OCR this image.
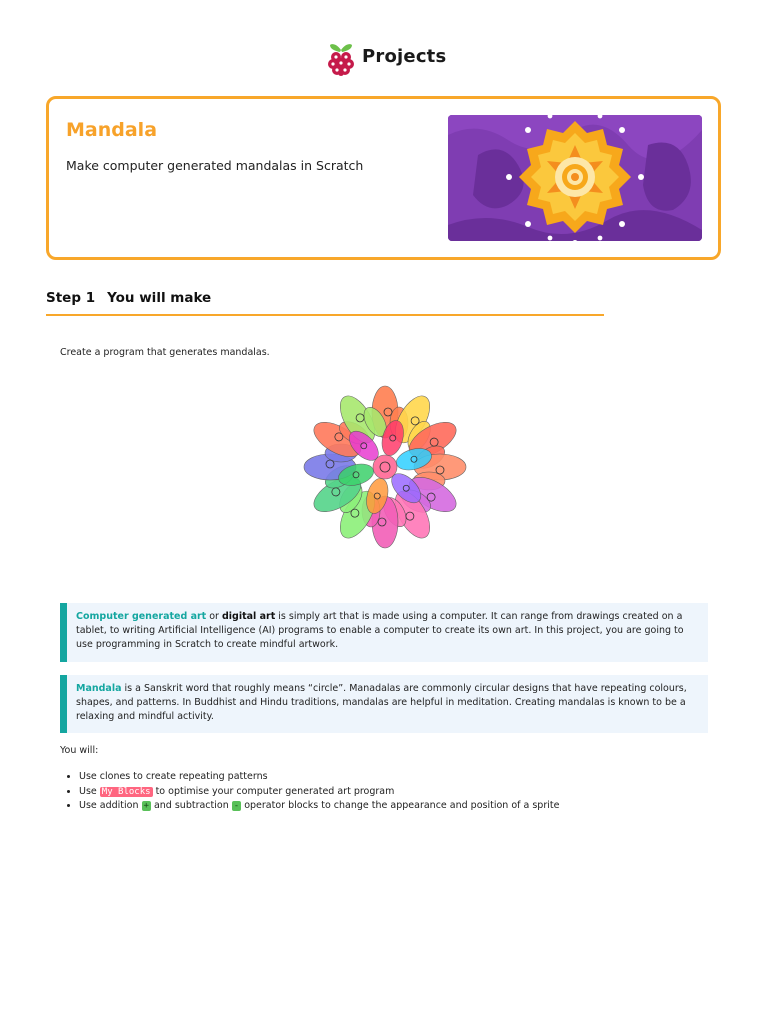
Projects
Mandala
Make computer generated mandalas in Scratch
Step 1 You will make
Create a program that generates mandalas.
Computer generated art or digital art is simply art that is made using a computer. It can range from drawings created on a tablet, to writing Artificial Intelligence (AI) programs to enable a computer to create its own art. In this project, you are going to use programming in Scratch to create mindful artwork.
Mandala is a Sanskrit word that roughly means “circle”. Manadalas are commonly circular designs that have repeating colours, shapes, and patterns. In Buddhist and Hindu traditions, mandalas are helpful in meditation. Creating mandalas is known to be a relaxing and mindful activity.
You will:
• Use clones to create repeating patterns
• Use My Blocks to optimise your computer generated art program
• Use addition + and subtraction - operator blocks to change the appearance and position of a sprite
